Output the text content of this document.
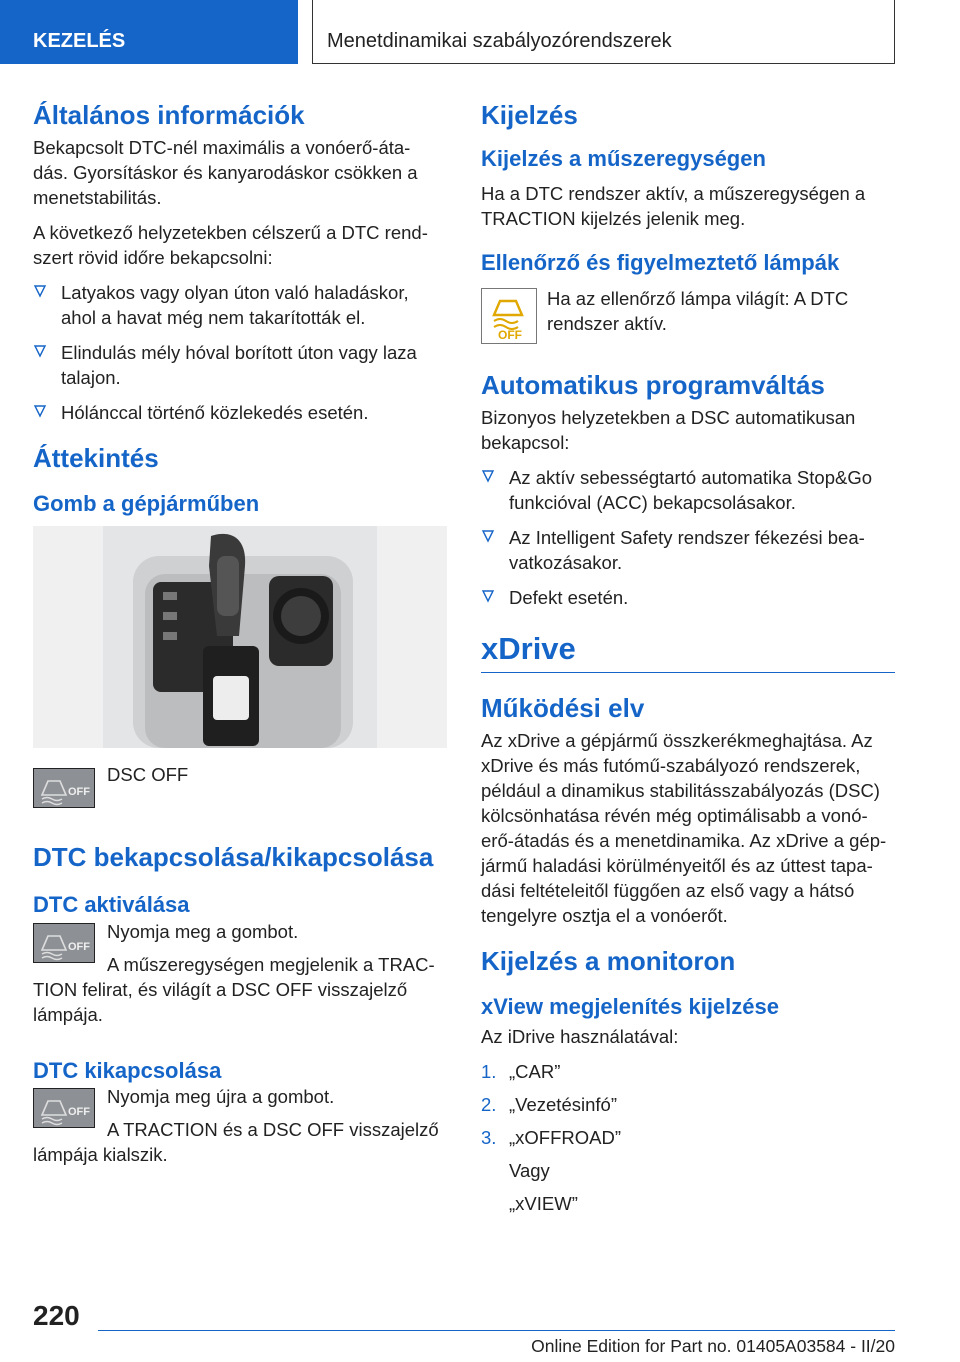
KEZELÉS	Menetdinamikai szabályozórendszerek
Általános információk

Bekapcsolt DTC-nél maximális a vonóerő-áta- dás. Gyorsításkor és kanyarodáskor csökken a menetstabilitás.

A következő helyzetekben célszerű a DTC rend- szert rövid időre bekapcsolni:

Latyakos vagy olyan úton való haladáskor, ahol a havat még nem takarították el.
Elindulás mély hóval borított úton vagy laza talajon.
Hólánccal történő közlekedés esetén.
Áttekintés
Gomb a gépjárműben
OFF
DSC OFF
DTC bekapcsolása/kikapcsolása
DTC aktiválása
OFF
Nyomja meg a gombot.
A műszeregységen megjelenik a TRAC- TION felirat, és világít a DSC OFF visszajelző lámpája.
DTC kikapcsolása
OFF
Nyomja meg újra a gombot.
A TRACTION és a DSC OFF visszajelző lámpája kialszik.
Kijelzés
Kijelzés a műszeregységen

Ha a DTC rendszer aktív, a műszeregységen a TRACTION kijelzés jelenik meg.

Ellenőrző és figyelmeztető lámpák
OFF
Ha az ellenőrző lámpa világít: A DTC rendszer aktív.
Automatikus programváltás

Bizonyos helyzetekben a DSC automatikusan bekapcsol:

Az aktív sebességtartó automatika Stop&Go funkcióval (ACC) bekapcsolásakor.
Az Intelligent Safety rendszer fékezési bea- vatkozásakor.
Defekt esetén.
xDrive
Működési elv

Az xDrive a gépjármű összkerékmeghajtása. Az xDrive és más futómű-szabályozó rendszerek, például a dinamikus stabilitásszabályozás (DSC) kölcsönhatása révén még optimálisabb a vonó- erő-átadás és a menetdinamika. Az xDrive a gép- jármű haladási körülményeitől és az úttest tapa- dási feltételeitől függően az első vagy a hátsó tengelyre osztja el a vonóerőt.

Kijelzés a monitoron
xView megjelenítés kijelzése

Az iDrive használatával:

1. „CAR”
2. „Vezetésinfó”
3. „xOFFROAD”
Vagy
„xVIEW”
220
Online Edition for Part no. 01405A03584 - II/20
